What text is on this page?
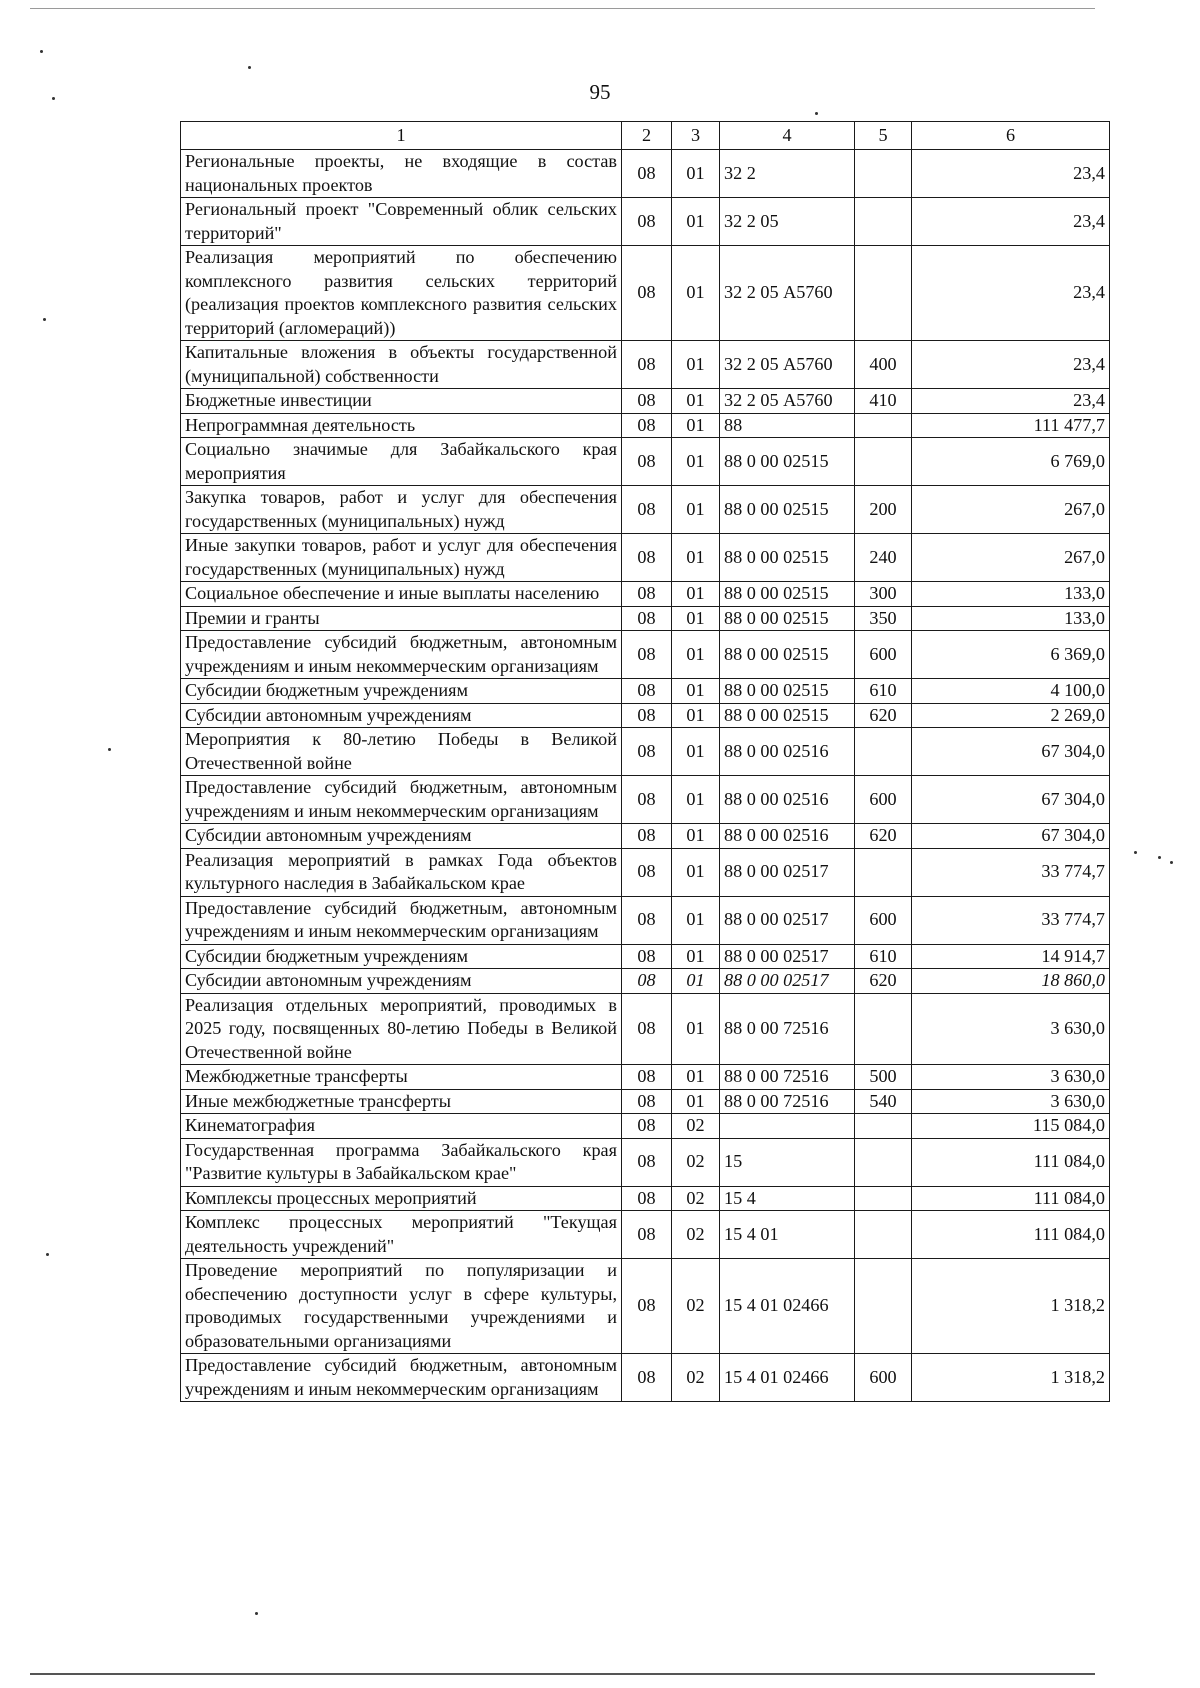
95
1	2	3	4	5	6
Региональные проекты, не входящие в состав национальных проектов	08	01	32 2		23,4
Региональный проект "Современный облик сельских территорий"	08	01	32 2 05		23,4
Реализация мероприятий по обеспечению комплексного развития сельских территорий (реализация проектов комплексного развития сельских территорий (агломераций))	08	01	32 2 05 А5760		23,4
Капитальные вложения в объекты государственной (муниципальной) собственности	08	01	32 2 05 А5760	400	23,4
Бюджетные инвестиции	08	01	32 2 05 А5760	410	23,4
Непрограммная деятельность	08	01	88		111 477,7
Социально значимые для Забайкальского края мероприятия	08	01	88 0 00 02515		6 769,0
Закупка товаров, работ и услуг для обеспечения государственных (муниципальных) нужд	08	01	88 0 00 02515	200	267,0
Иные закупки товаров, работ и услуг для обеспечения государственных (муниципальных) нужд	08	01	88 0 00 02515	240	267,0
Социальное обеспечение и иные выплаты населению	08	01	88 0 00 02515	300	133,0
Премии и гранты	08	01	88 0 00 02515	350	133,0
Предоставление субсидий бюджетным, автономным учреждениям и иным некоммерческим организациям	08	01	88 0 00 02515	600	6 369,0
Субсидии бюджетным учреждениям	08	01	88 0 00 02515	610	4 100,0
Субсидии автономным учреждениям	08	01	88 0 00 02515	620	2 269,0
Мероприятия к 80-летию Победы в Великой Отечественной войне	08	01	88 0 00 02516		67 304,0
Предоставление субсидий бюджетным, автономным учреждениям и иным некоммерческим организациям	08	01	88 0 00 02516	600	67 304,0
Субсидии автономным учреждениям	08	01	88 0 00 02516	620	67 304,0
Реализация мероприятий в рамках Года объектов культурного наследия в Забайкальском крае	08	01	88 0 00 02517		33 774,7
Предоставление субсидий бюджетным, автономным учреждениям и иным некоммерческим организациям	08	01	88 0 00 02517	600	33 774,7
Субсидии бюджетным учреждениям	08	01	88 0 00 02517	610	14 914,7
Субсидии автономным учреждениям	08	01	88 0 00 02517	620	18 860,0
Реализация отдельных мероприятий, проводимых в 2025 году, посвященных 80-летию Победы в Великой Отечественной войне	08	01	88 0 00 72516		3 630,0
Межбюджетные трансферты	08	01	88 0 00 72516	500	3 630,0
Иные межбюджетные трансферты	08	01	88 0 00 72516	540	3 630,0
Кинематография	08	02			115 084,0
Государственная программа Забайкальского края "Развитие культуры в Забайкальском крае"	08	02	15		111 084,0
Комплексы процессных мероприятий	08	02	15 4		111 084,0
Комплекс процессных мероприятий "Текущая деятельность учреждений"	08	02	15 4 01		111 084,0
Проведение мероприятий по популяризации и обеспечению доступности услуг в сфере культуры, проводимых государственными учреждениями и образовательными организациями	08	02	15 4 01 02466		1 318,2
Предоставление субсидий бюджетным, автономным учреждениям и иным некоммерческим организациям	08	02	15 4 01 02466	600	1 318,2
